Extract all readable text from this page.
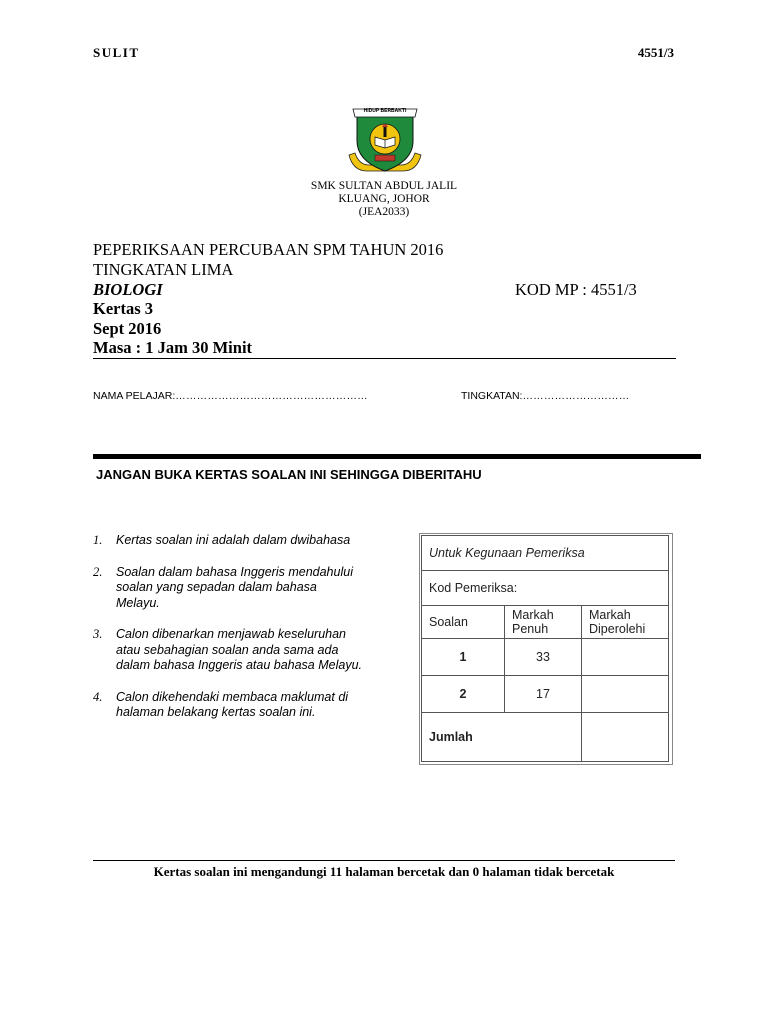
SULIT	4551/3
HIDUP BERBAKTI
SMK SULTAN ABDUL JALIL
KLUANG, JOHOR
(JEA2033)
PEPERIKSAAN PERCUBAAN SPM TAHUN 2016
TINGKATAN LIMA
BIOLOGI	KOD MP : 4551/3
Kertas 3
Sept 2016
Masa : 1 Jam 30 Minit
NAMA PELAJAR:………………………………………………	TINGKATAN:…………………………
JANGAN BUKA KERTAS SOALAN INI SEHINGGA DIBERITAHU
1.	Kertas soalan ini adalah dalam dwibahasa
2.	Soalan dalam bahasa Inggeris mendahului soalan yang sepadan dalam bahasa Melayu.
3.	Calon dibenarkan menjawab keseluruhan atau sebahagian soalan anda sama ada dalam bahasa Inggeris atau bahasa Melayu.
4.	Calon dikehendaki membaca maklumat di halaman belakang kertas soalan ini.
Untuk Kegunaan Pemeriksa		
Kod Pemeriksa:		
Soalan	Markah Penuh	Markah Diperolehi
1	33	
2	17	
Jumlah		
Kertas soalan ini mengandungi 11 halaman bercetak dan 0 halaman tidak bercetak
